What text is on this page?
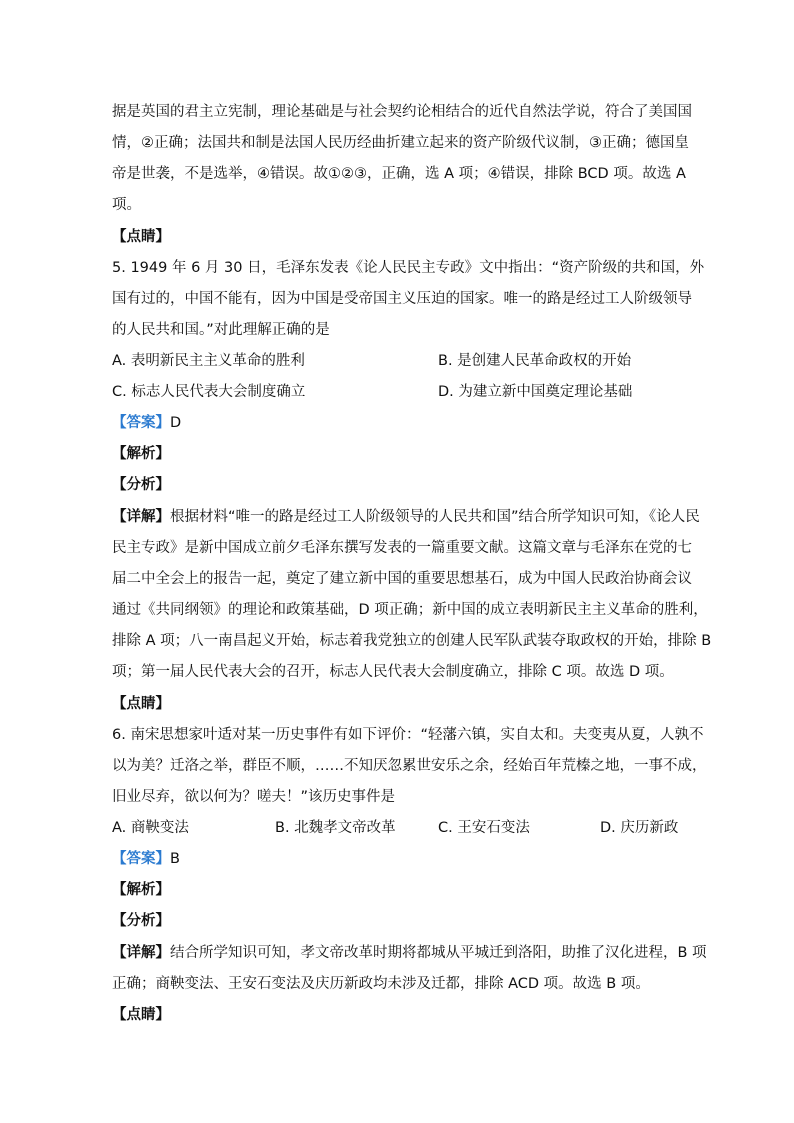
据是英国的君主立宪制，理论基础是与社会契约论相结合的近代自然法学说，符合了美国国
情，②正确；法国共和制是法国人民历经曲折建立起来的资产阶级代议制，③正确；德国皇
帝是世袭，不是选举，④错误。故①②③，正确，选 A 项；④错误，排除 BCD 项。故选 A
项。
【点睛】
5. 1949 年 6 月 30 日，毛泽东发表《论人民民主专政》文中指出：“资产阶级的共和国，外
国有过的，中国不能有，因为中国是受帝国主义压迫的国家。唯一的路是经过工人阶级领导
的人民共和国。”对此理解正确的是
A. 表明新民主主义革命的胜利	B. 是创建人民革命政权的开始
C. 标志人民代表大会制度确立	D. 为建立新中国奠定理论基础
【答案】D
【解析】
【分析】
【详解】根据材料“唯一的路是经过工人阶级领导的人民共和国”结合所学知识可知，《论人民
民主专政》是新中国成立前夕毛泽东撰写发表的一篇重要文献。这篇文章与毛泽东在党的七
届二中全会上的报告一起，奠定了建立新中国的重要思想基石，成为中国人民政治协商会议
通过《共同纲领》的理论和政策基础，D 项正确；新中国的成立表明新民主主义革命的胜利，
排除 A 项；八一南昌起义开始，标志着我党独立的创建人民军队武装夺取政权的开始，排除 B
项；第一届人民代表大会的召开，标志人民代表大会制度确立，排除 C 项。故选 D 项。
【点睛】
6. 南宋思想家叶适对某一历史事件有如下评价：“轻藩六镇，实自太和。夫变夷从夏，人孰不
以为美？迁洛之举，群臣不顺，……不知厌忽累世安乐之余，经始百年荒榛之地，一事不成，
旧业尽弃，欲以何为？嗟夫！”该历史事件是
A. 商鞅变法	B. 北魏孝文帝改革	C. 王安石变法	D. 庆历新政
【答案】B
【解析】
【分析】
【详解】结合所学知识可知，孝文帝改革时期将都城从平城迁到洛阳，助推了汉化进程，B 项
正确；商鞅变法、王安石变法及庆历新政均未涉及迁都，排除 ACD 项。故选 B 项。
【点睛】
